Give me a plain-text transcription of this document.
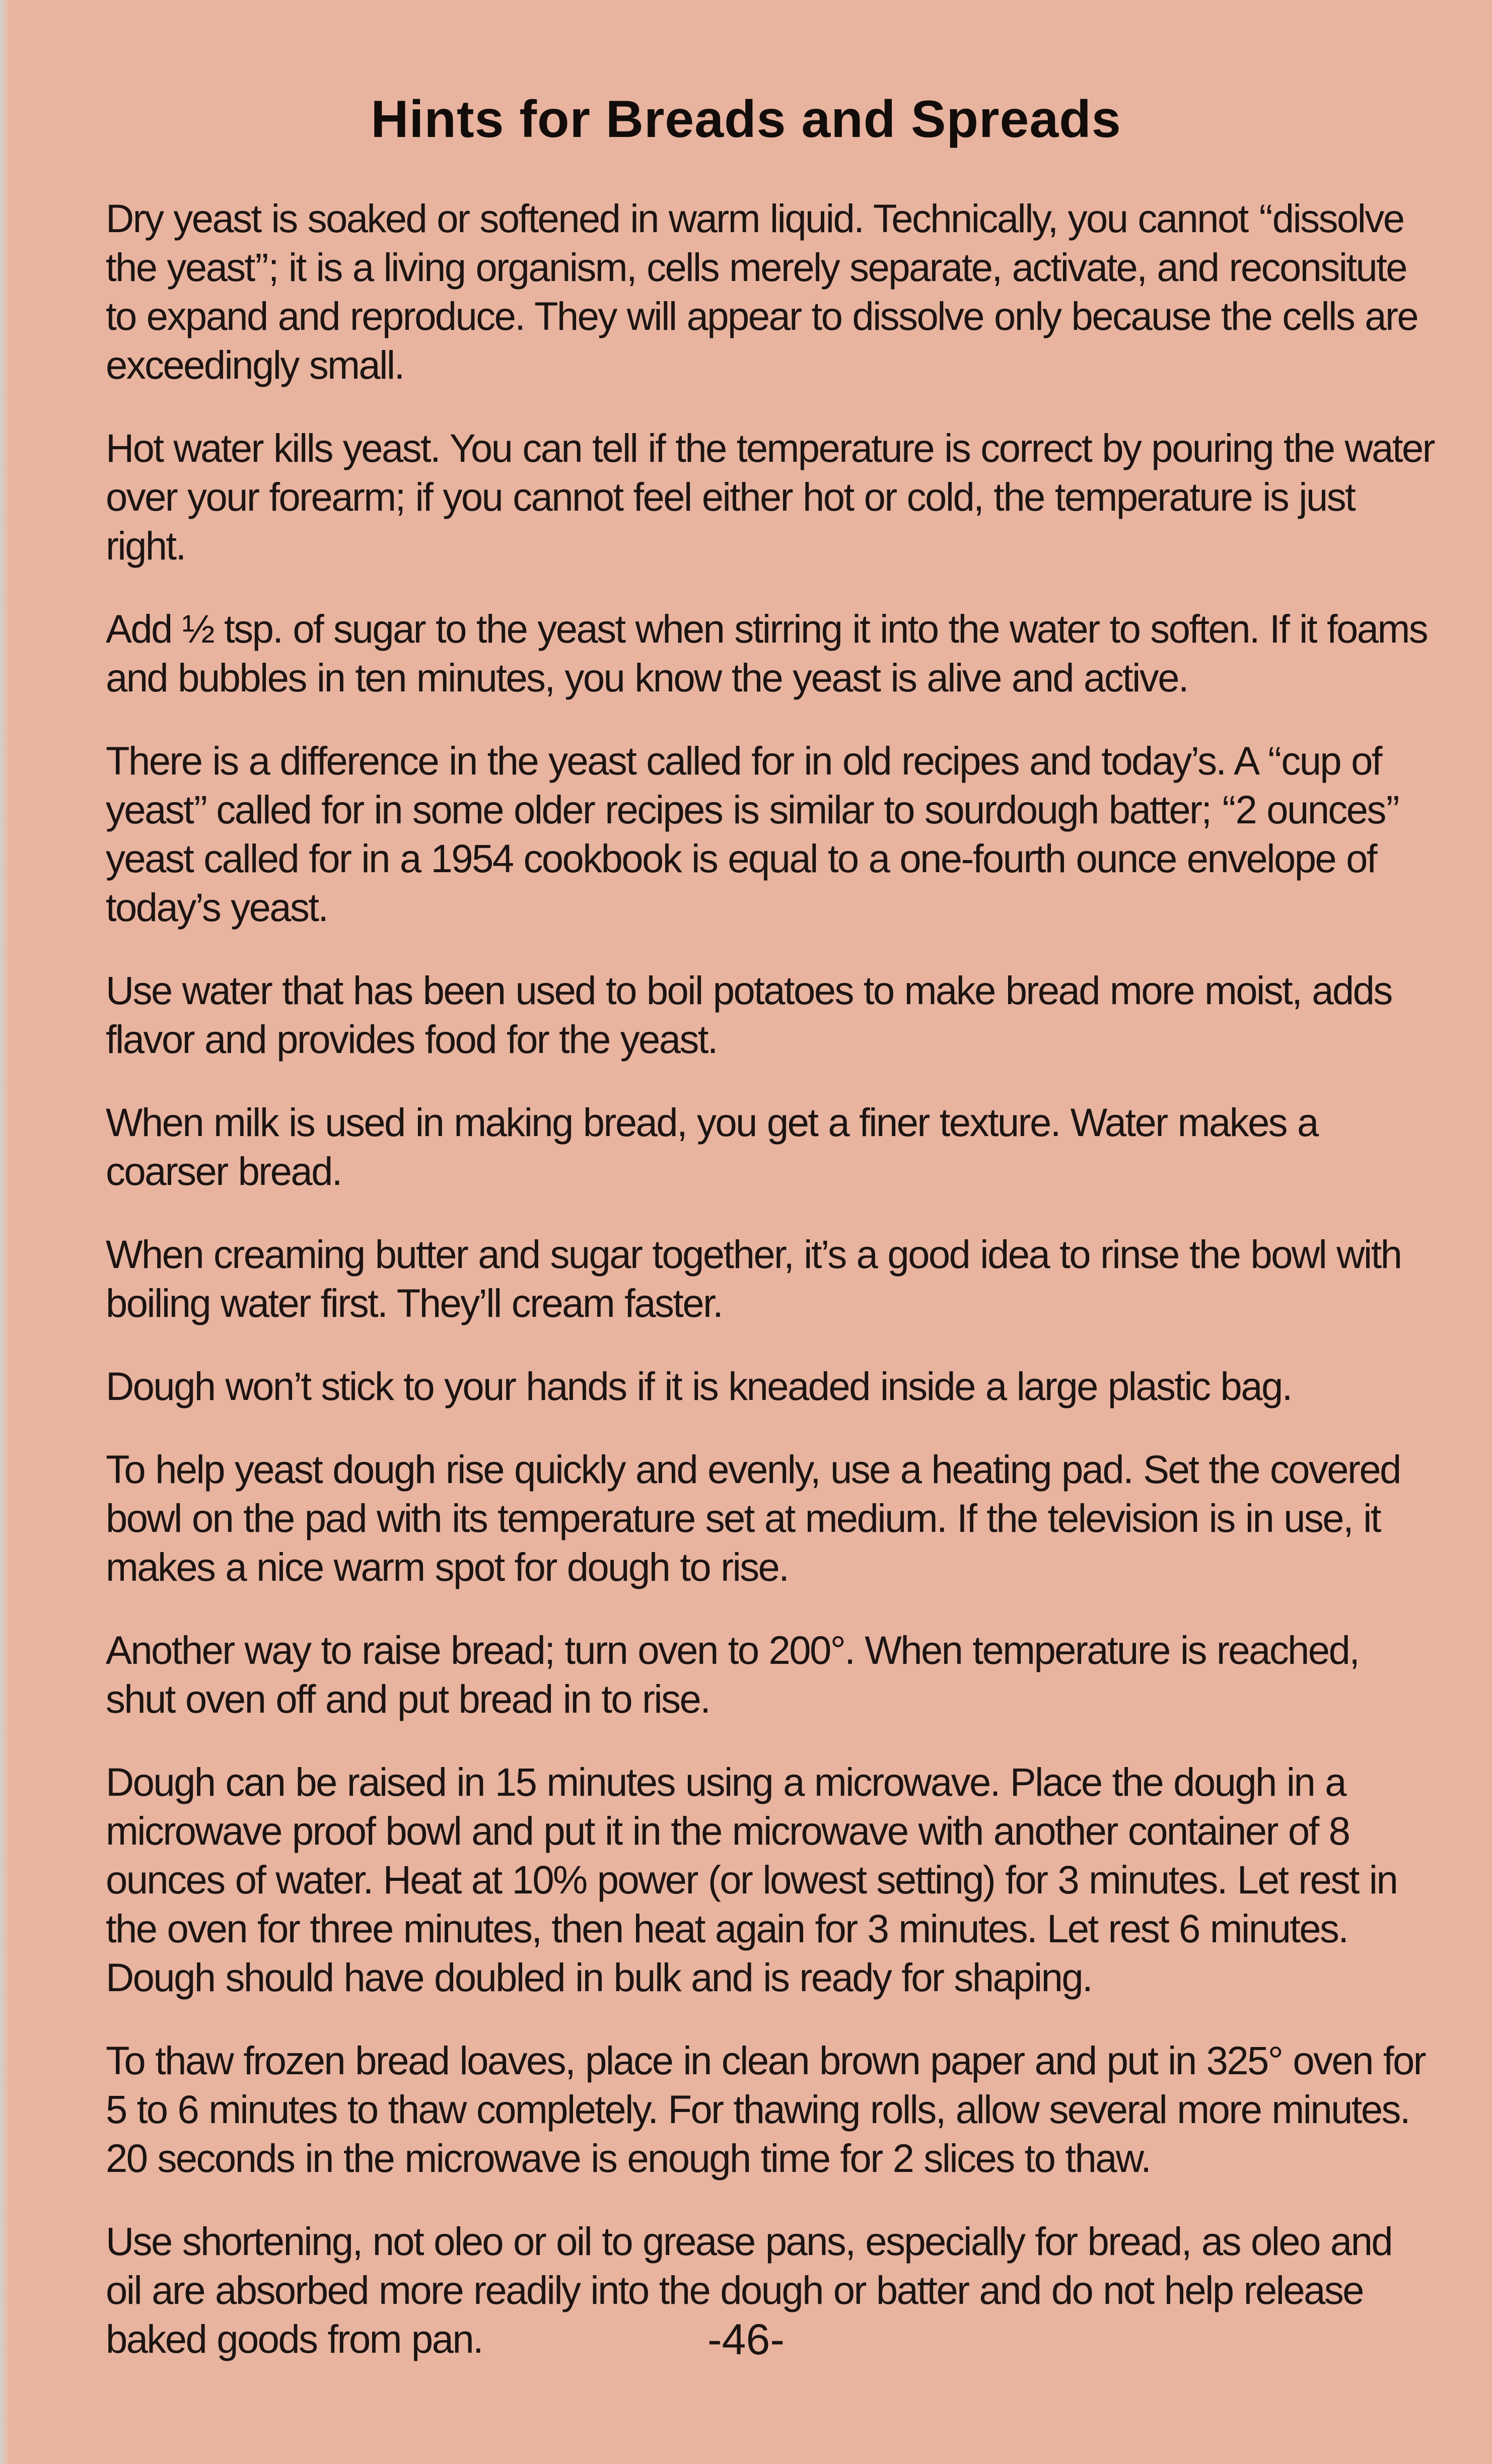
Hints for Breads and Spreads

Dry yeast is soaked or softened in warm liquid. Technically, you cannot ‘‘dissolve the yeast’’; it is a living organism, cells merely separate, activate, and reconsitute to expand and reproduce. They will appear to dissolve only because the cells are exceedingly small.

Hot water kills yeast. You can tell if the temperature is correct by pouring the water over your forearm; if you cannot feel either hot or cold, the temperature is just right.

Add ½ tsp. of sugar to the yeast when stirring it into the water to soften. If it foams and bubbles in ten minutes, you know the yeast is alive and active.

There is a difference in the yeast called for in old recipes and today’s. A ‘‘cup of yeast’’ called for in some older recipes is similar to sourdough batter; ‘‘2 ounces’’ yeast called for in a 1954 cookbook is equal to a one-fourth ounce envelope of today’s yeast.

Use water that has been used to boil potatoes to make bread more moist, adds flavor and provides food for the yeast.

When milk is used in making bread, you get a finer texture. Water makes a coarser bread.

When creaming butter and sugar together, it’s a good idea to rinse the bowl with boiling water first. They’ll cream faster.

Dough won’t stick to your hands if it is kneaded inside a large plastic bag.

To help yeast dough rise quickly and evenly, use a heating pad. Set the covered bowl on the pad with its temperature set at medium. If the television is in use, it makes a nice warm spot for dough to rise.

Another way to raise bread; turn oven to 200°. When temperature is reached, shut oven off and put bread in to rise.

Dough can be raised in 15 minutes using a microwave. Place the dough in a microwave proof bowl and put it in the microwave with another container of 8 ounces of water. Heat at 10% power (or lowest setting) for 3 minutes. Let rest in the oven for three minutes, then heat again for 3 minutes. Let rest 6 minutes. Dough should have doubled in bulk and is ready for shaping.

To thaw frozen bread loaves, place in clean brown paper and put in 325° oven for 5 to 6 minutes to thaw completely. For thawing rolls, allow several more minutes. 20 seconds in the microwave is enough time for 2 slices to thaw.

Use shortening, not oleo or oil to grease pans, especially for bread, as oleo and oil are absorbed more readily into the dough or batter and do not help release baked goods from pan.	-46-
